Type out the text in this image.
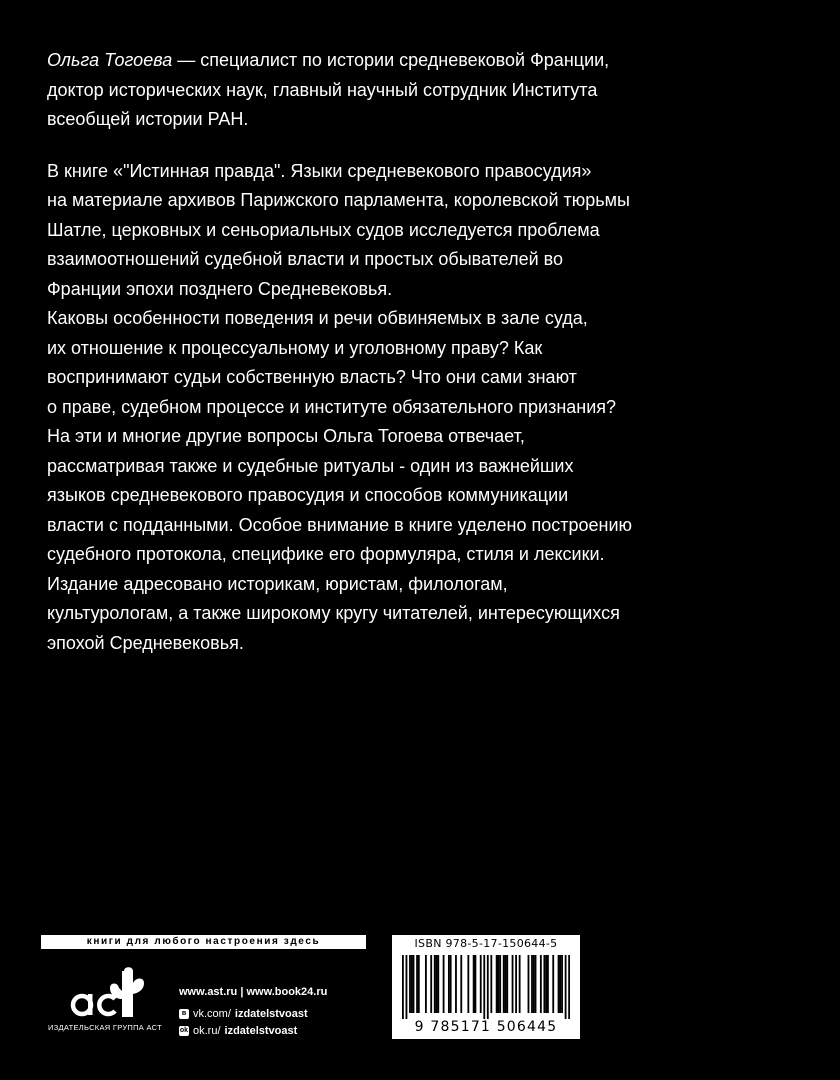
Ольга Тогоева — специалист по истории средневековой Франции,
доктор исторических наук, главный научный сотрудник Института
всеобщей истории РАН.
В книге «"Истинная правда". Языки средневекового правосудия»
на материале архивов Парижского парламента, королевской тюрьмы
Шатле, церковных и сеньориальных судов исследуется проблема
взаимоотношений судебной власти и простых обывателей во
Франции эпохи позднего Средневековья.
Каковы особенности поведения и речи обвиняемых в зале суда,
их отношение к процессуальному и уголовному праву? Как
воспринимают судьи собственную власть? Что они сами знают
о праве, судебном процессе и институте обязательного признания?
На эти и многие другие вопросы Ольга Тогоева отвечает,
рассматривая также и судебные ритуалы - один из важнейших
языков средневекового правосудия и способов коммуникации
власти с подданными. Особое внимание в книге уделено построению
судебного протокола, специфике его формуляра, стиля и лексики.
Издание адресовано историкам, юристам, филологам,
культурологам, а также широкому кругу читателей, интересующихся
эпохой Средневековья.
книги для любого настроения здесь
ИЗДАТЕЛЬСКАЯ ГРУППА АСТ
www.ast.ru | www.book24.ru
в vk.com/ izdatelstvoast
ok ok.ru/ izdatelstvoast
ISBN 978-5-17-150644-5
9 785171 506445
